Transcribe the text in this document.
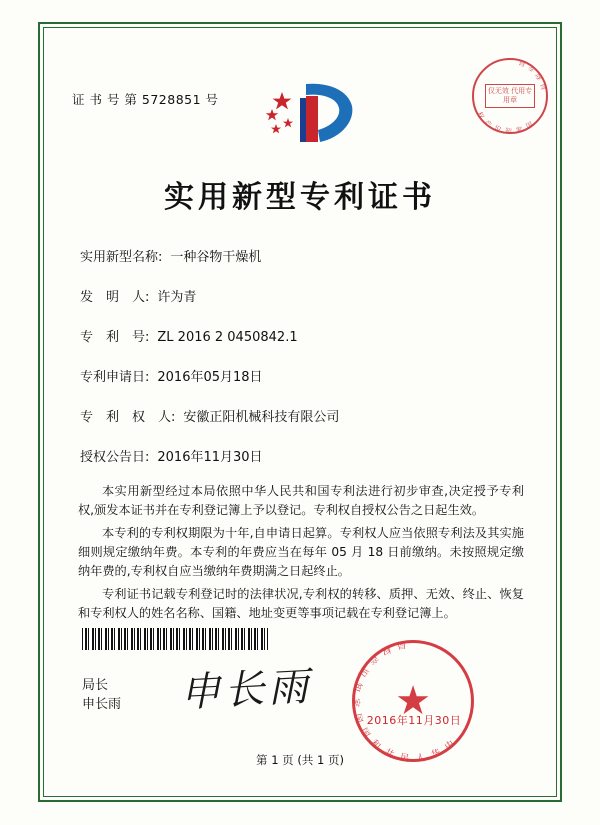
证 书 号 第 5728851 号
国
家
知
识
产
权
局
专
利
局
仅无效 代用专用章
实用新型专利证书
实用新型名称: 一种谷物干燥机
发　明　人: 许为青
专　利　号: ZL 2016 2 0450842.1
专利申请日: 2016年05月18日
专　利　权　人: 安徽正阳机械科技有限公司
授权公告日: 2016年11月30日

本实用新型经过本局依照中华人民共和国专利法进行初步审查,决定授予专利权,颁发本证书并在专利登记簿上予以登记。专利权自授权公告之日起生效。

本专利的专利权期限为十年,自申请日起算。专利权人应当依照专利法及其实施细则规定缴纳年费。本专利的年费应当在每年 05 月 18 日前缴纳。未按照规定缴纳年费的,专利权自应当缴纳年费期满之日起终止。

专利证书记载专利登记时的法律状况,专利权的转移、质押、无效、终止、恢复和专利权人的姓名名称、国籍、地址变更等事项记载在专利登记簿上。

局长
申长雨 申长雨
中
华
人
民
共
和
国
国
家
知
识
产
权 局
★
2016年11月30日
第 1 页 (共 1 页)
